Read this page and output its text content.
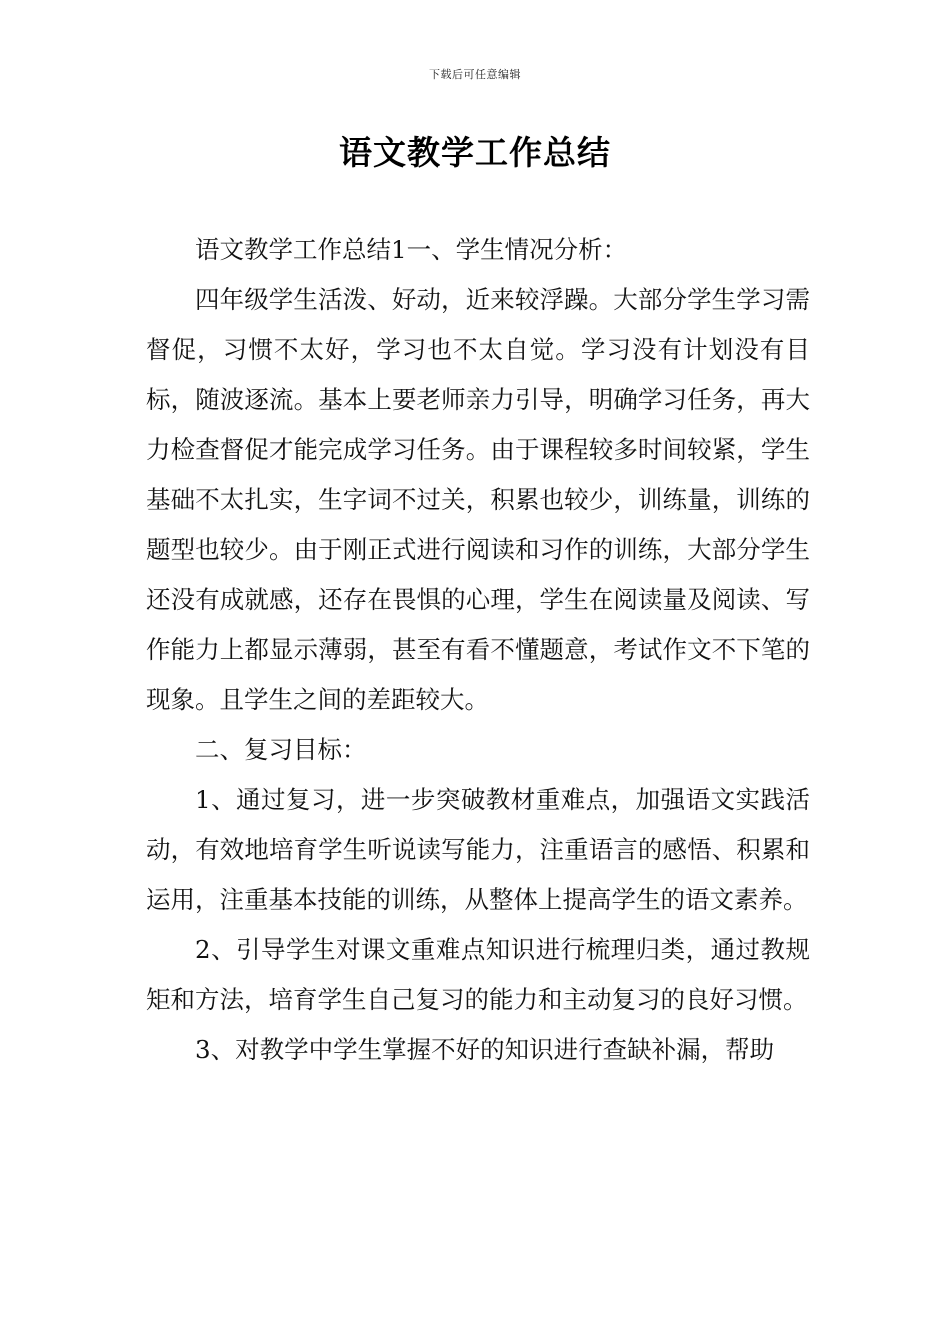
下载后可任意编辑
语文教学工作总结

语文教学工作总结1一、学生情况分析：

四年级学生活泼、好动，近来较浮躁。大部分学生学习需督促，习惯不太好，学习也不太自觉。学习没有计划没有目标，随波逐流。基本上要老师亲力引导，明确学习任务，再大力检查督促才能完成学习任务。由于课程较多时间较紧，学生基础不太扎实，生字词不过关，积累也较少，训练量，训练的题型也较少。由于刚正式进行阅读和习作的训练，大部分学生还没有成就感，还存在畏惧的心理，学生在阅读量及阅读、写作能力上都显示薄弱，甚至有看不懂题意，考试作文不下笔的现象。且学生之间的差距较大。

二、复习目标：

1、通过复习，进一步突破教材重难点，加强语文实践活动，有效地培育学生听说读写能力，注重语言的感悟、积累和运用，注重基本技能的训练，从整体上提高学生的语文素养。

2、引导学生对课文重难点知识进行梳理归类，通过教规矩和方法，培育学生自己复习的能力和主动复习的良好习惯。

3、对教学中学生掌握不好的知识进行查缺补漏，帮助
